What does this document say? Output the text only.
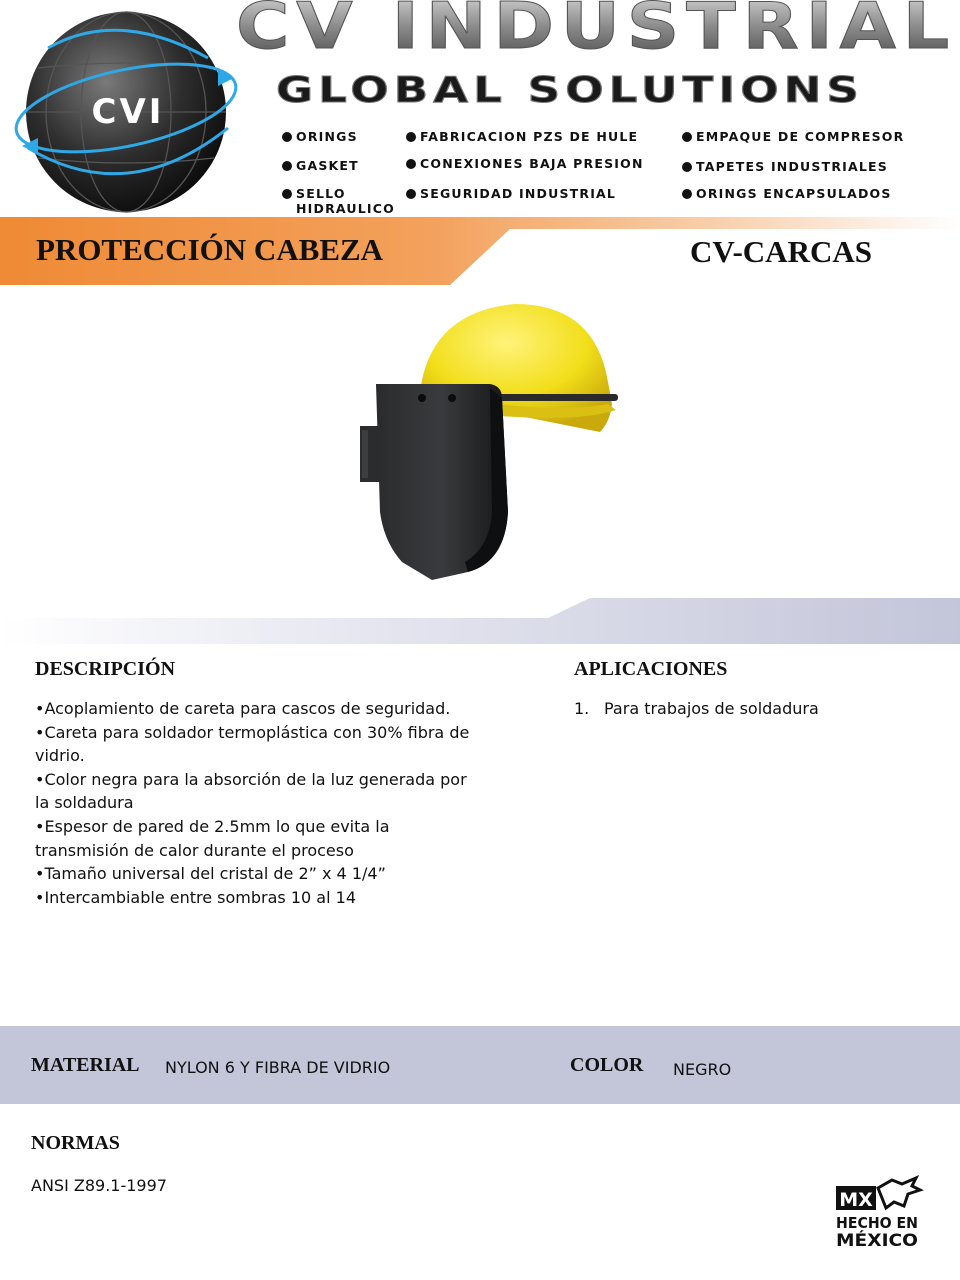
CVI
CV INDUSTRIAL
GLOBAL SOLUTIONS
ORINGS	FABRICACION PZS DE HULE	EMPAQUE DE COMPRESOR
GASKET	CONEXIONES BAJA PRESION	TAPETES INDUSTRIALES
SELLO	SEGURIDAD INDUSTRIAL	ORINGS ENCAPSULADOS
HIDRAULICO
PROTECCIÓN CABEZA	CV-CARCAS
DESCRIPCIÓN
• Acoplamiento de careta para cascos de seguridad.
• Careta para soldador termoplástica con 30% fibra de vidrio.
• Color negra para la absorción de la luz generada por la soldadura
• Espesor de pared de 2.5mm lo que evita la transmisión de calor durante el proceso
• Tamaño universal del cristal de 2” x 4 1/4”
• Intercambiable entre sombras 10 al 14
APLICACIONES
1. Para trabajos de soldadura
MATERIAL NYLON 6 Y FIBRA DE VIDRIO	COLOR NEGRO
NORMAS
ANSI Z89.1-1997
MX
HECHO EN
MÉXICO
